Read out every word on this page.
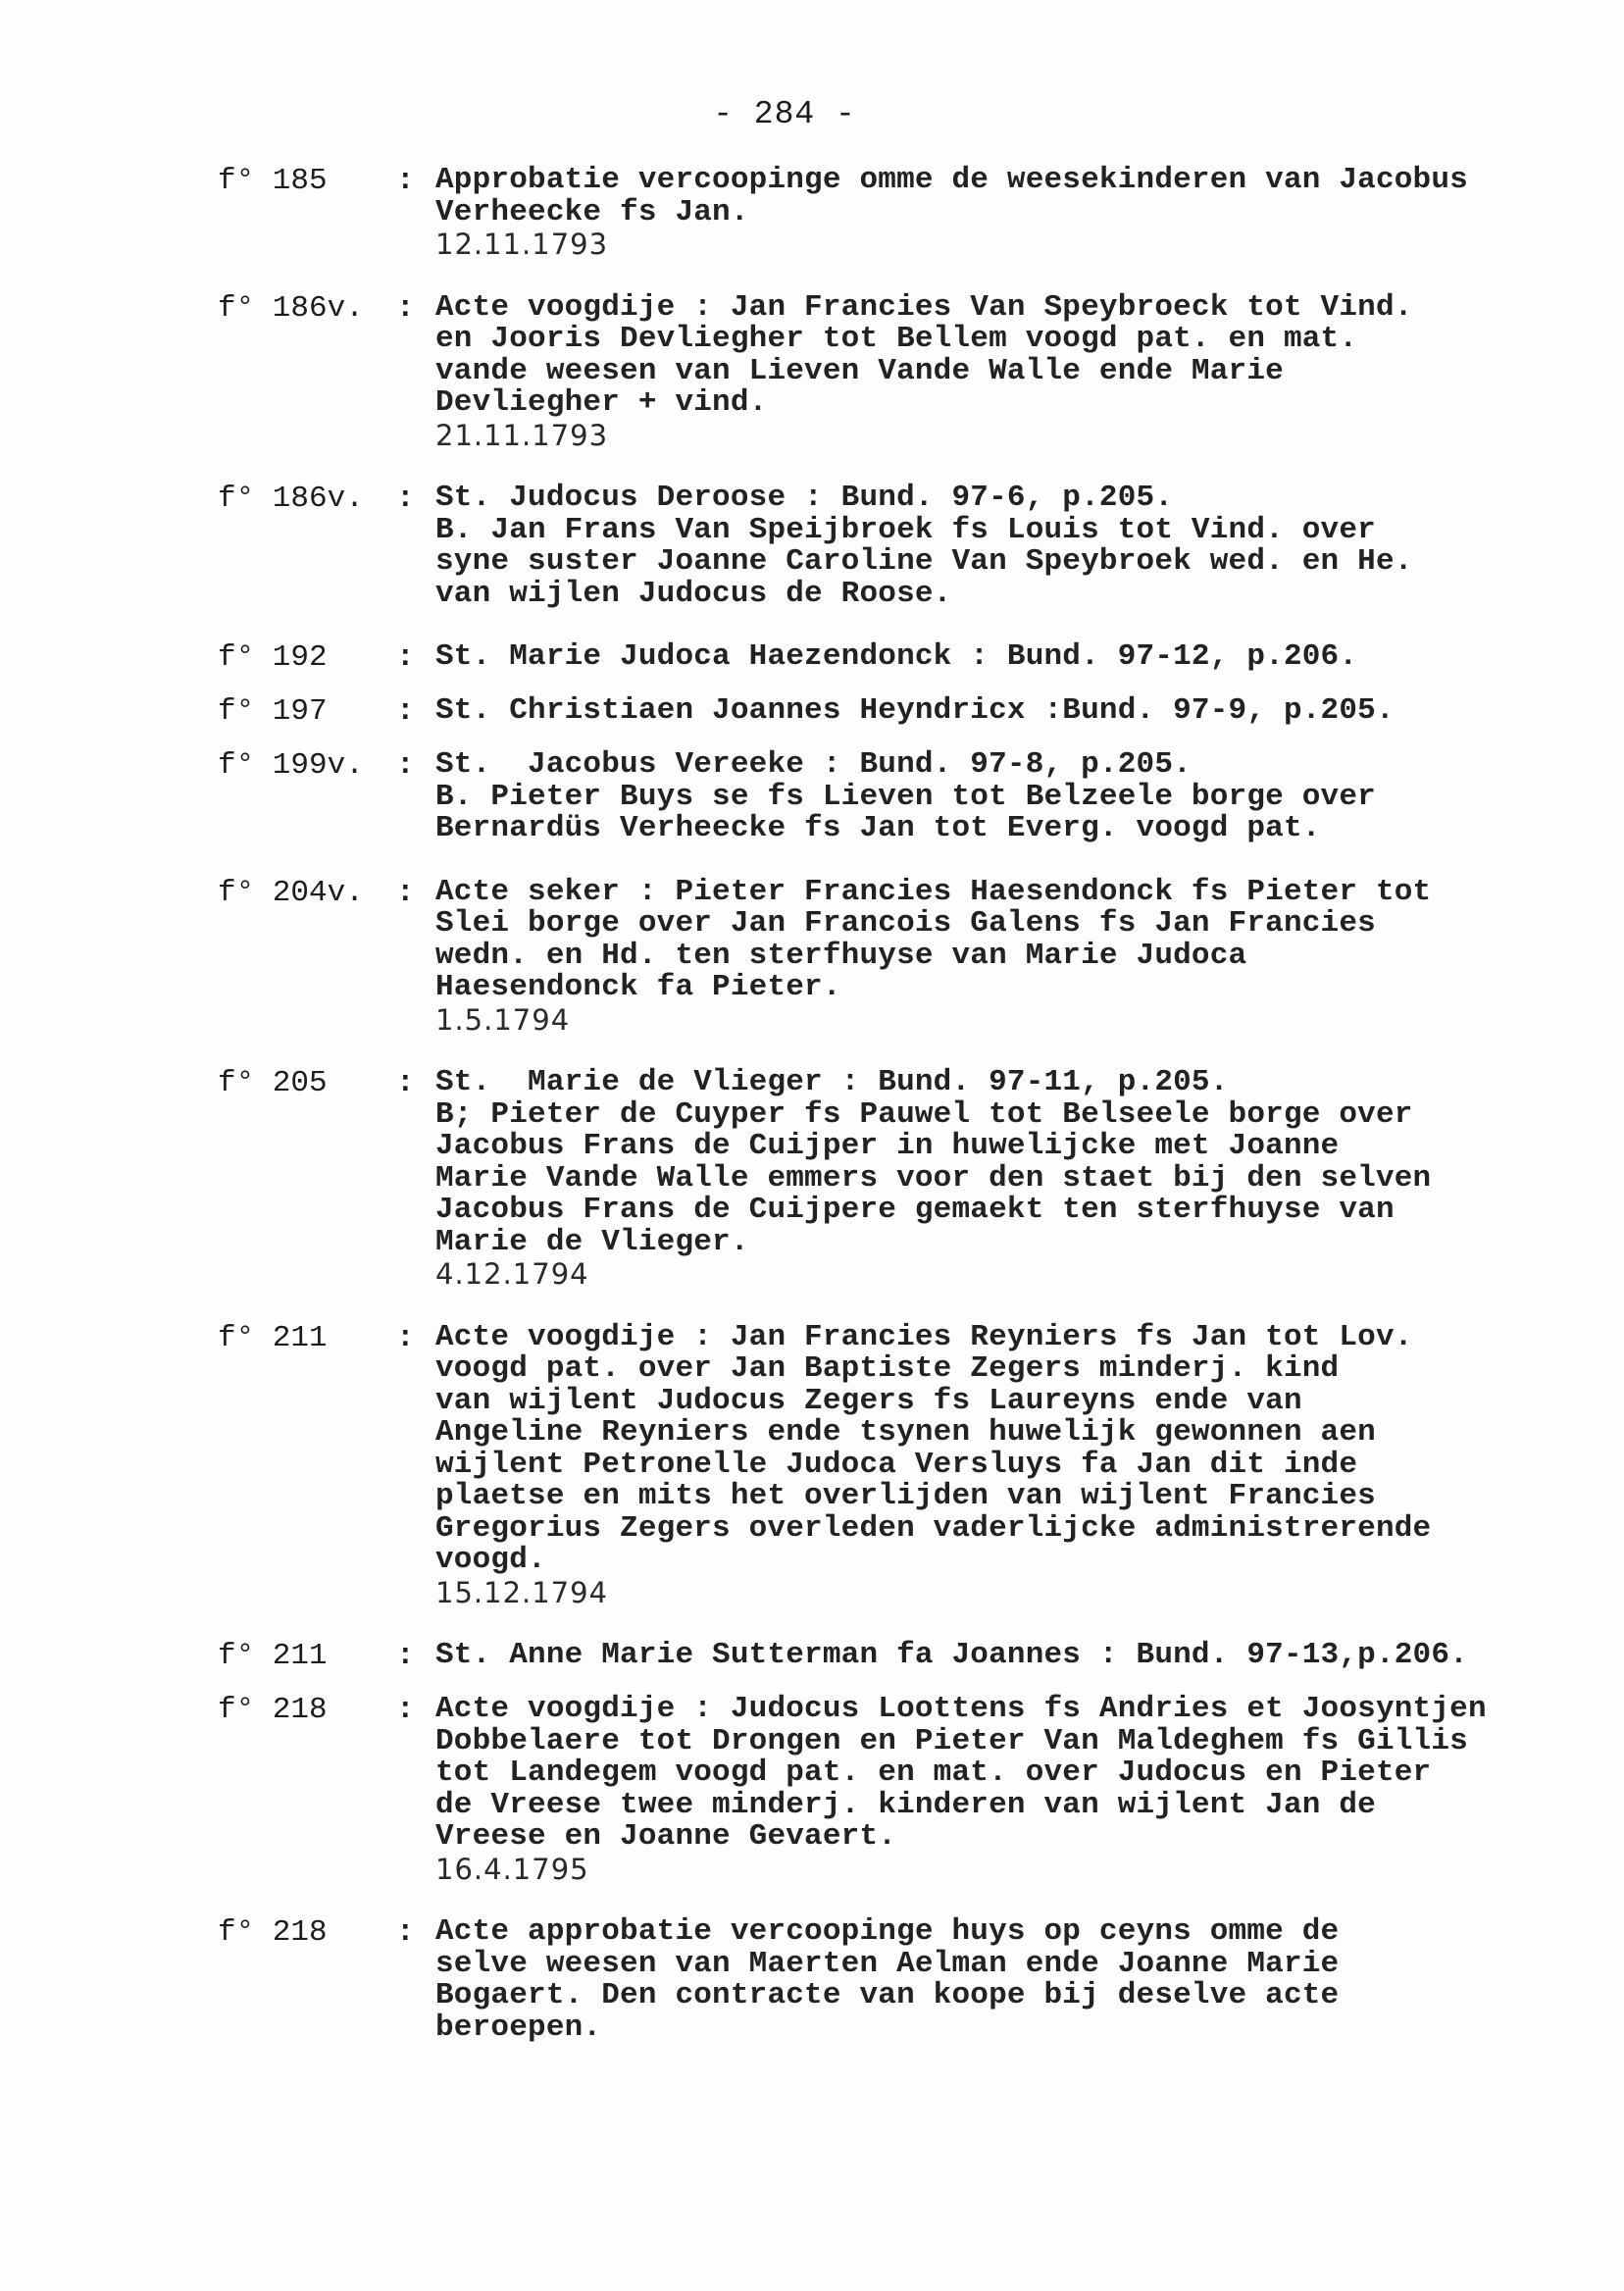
- 284 -
f° 185	: Approbatie vercoopinge omme de weesekinderen van Jacobus
Verheecke fs Jan.
12.11.1793
f° 186v.	: Acte voogdije : Jan Francies Van Speybroeck tot Vind.
en Jooris Devliegher tot Bellem voogd pat. en mat.
vande weesen van Lieven Vande Walle ende Marie
Devliegher + vind.
21.11.1793
f° 186v.	: St. Judocus Deroose : Bund. 97-6, p.205.
B. Jan Frans Van Speijbroek fs Louis tot Vind. over
syne suster Joanne Caroline Van Speybroek wed. en He.
van wijlen Judocus de Roose.
f° 192	: St. Marie Judoca Haezendonck : Bund. 97-12, p.206.
f° 197	: St. Christiaen Joannes Heyndricx :Bund. 97-9, p.205.
f° 199v.	: St.  Jacobus Vereeke : Bund. 97-8, p.205.
B. Pieter Buys se fs Lieven tot Belzeele borge over
Bernardüs Verheecke fs Jan tot Everg. voogd pat.
f° 204v.	: Acte seker : Pieter Francies Haesendonck fs Pieter tot
Slei borge over Jan Francois Galens fs Jan Francies
wedn. en Hd. ten sterfhuyse van Marie Judoca
Haesendonck fa Pieter.
1.5.1794
f° 205	: St.  Marie de Vlieger : Bund. 97-11, p.205.
B; Pieter de Cuyper fs Pauwel tot Belseele borge over
Jacobus Frans de Cuijper in huwelijcke met Joanne
Marie Vande Walle emmers voor den staet bij den selven
Jacobus Frans de Cuijpere gemaekt ten sterfhuyse van
Marie de Vlieger.
4.12.1794
f° 211	: Acte voogdije : Jan Francies Reyniers fs Jan tot Lov.
voogd pat. over Jan Baptiste Zegers minderj. kind
van wijlent Judocus Zegers fs Laureyns ende van
Angeline Reyniers ende tsynen huwelijk gewonnen aen
wijlent Petronelle Judoca Versluys fa Jan dit inde
plaetse en mits het overlijden van wijlent Francies
Gregorius Zegers overleden vaderlijcke administrerende
voogd.
15.12.1794
f° 211	: St. Anne Marie Sutterman fa Joannes : Bund. 97-13,p.206.
f° 218	: Acte voogdije : Judocus Loottens fs Andries et Joosyntjen
Dobbelaere tot Drongen en Pieter Van Maldeghem fs Gillis
tot Landegem voogd pat. en mat. over Judocus en Pieter
de Vreese twee minderj. kinderen van wijlent Jan de
Vreese en Joanne Gevaert.
16.4.1795
f° 218	: Acte approbatie vercoopinge huys op ceyns omme de
selve weesen van Maerten Aelman ende Joanne Marie
Bogaert. Den contracte van koope bij deselve acte
beroepen.
